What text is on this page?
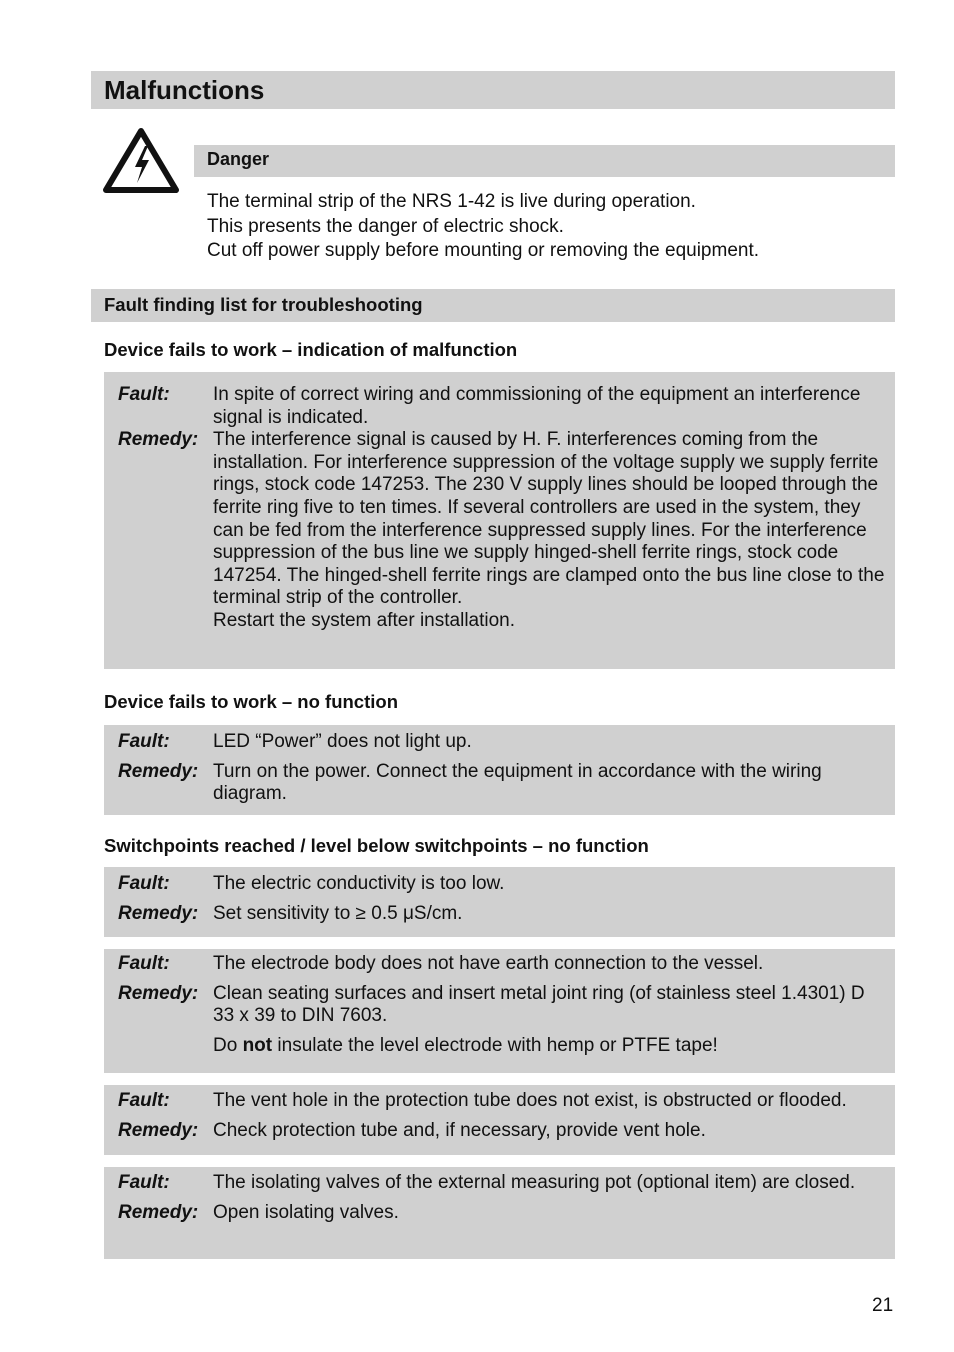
Malfunctions
Danger
The terminal strip of the NRS 1-42 is live during operation.
This presents the danger of electric shock.
Cut off power supply before mounting or removing the equipment.
Fault finding list for troubleshooting
Device fails to work – indication of malfunction
Fault:	In spite of correct wiring and commissioning of the equipment an interference signal is indicated.
Remedy: The interference signal is caused by H. F. interferences coming from the installation. For interference suppression of the voltage supply we supply ferrite rings, stock code 147253. The 230 V supply lines should be looped through the ferrite ring five to ten times. If several controllers are used in the system, they can be fed from the interference suppressed supply lines. For the interference suppression of the bus line we supply hinged-shell ferrite rings, stock code 147254. The hinged-shell ferrite rings are clamped onto the bus line close to the terminal strip of the controller.
Restart the system after installation.
Device fails to work – no function
Fault:	LED “Power” does not light up.
Remedy: Turn on the power. Connect the equipment in accordance with the wiring diagram.
Switchpoints reached / level below switchpoints – no function
Fault:	The electric conductivity is too low.
Remedy: Set sensitivity to ≥ 0.5 μS/cm.
Fault:	The electrode body does not have earth connection to the vessel.
Remedy: Clean seating surfaces and insert metal joint ring (of stainless steel 1.4301) D 33 x 39 to DIN 7603.
Do not insulate the level electrode with hemp or PTFE tape!
Fault:	The vent hole in the protection tube does not exist, is obstructed or flooded.
Remedy: Check protection tube and, if necessary, provide vent hole.
Fault:	The isolating valves of the external measuring pot (optional item) are closed.
Remedy: Open isolating valves.
21
